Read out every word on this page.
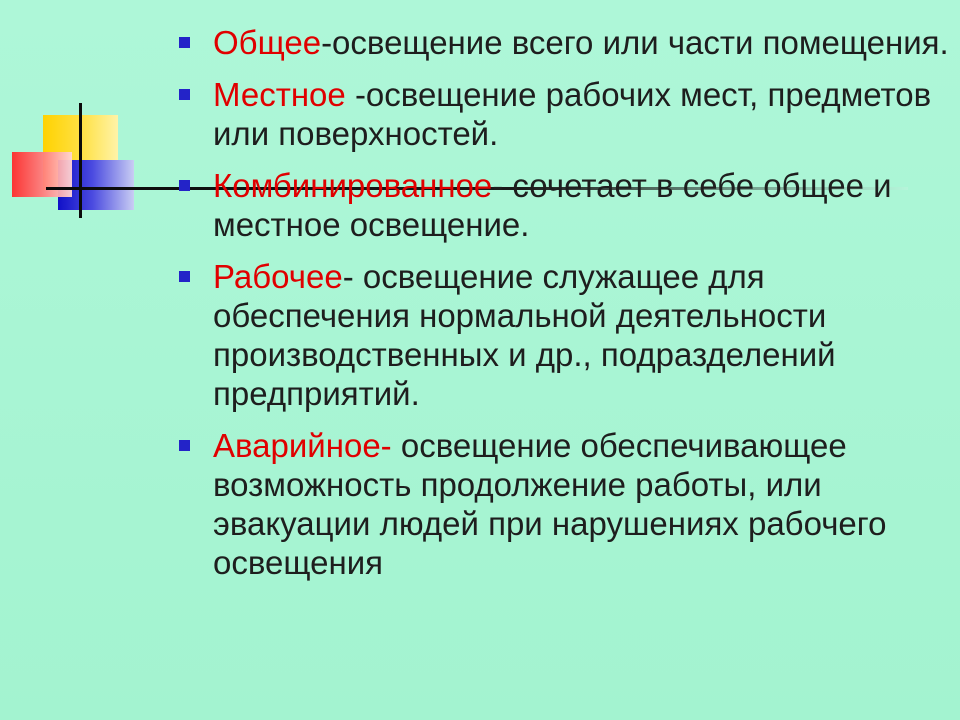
Общее-освещение всего или части помещения.
Местное -освещение рабочих мест, предметов или поверхностей.
Комбинированное- сочетает в себе общее и местное освещение.
Рабочее- освещение служащее для обеспечения нормальной деятельности производственных и др., подразделений предприятий.
Аварийное- освещение обеспечивающее возможность продолжение работы, или эвакуации людей при нарушениях рабочего освещения
